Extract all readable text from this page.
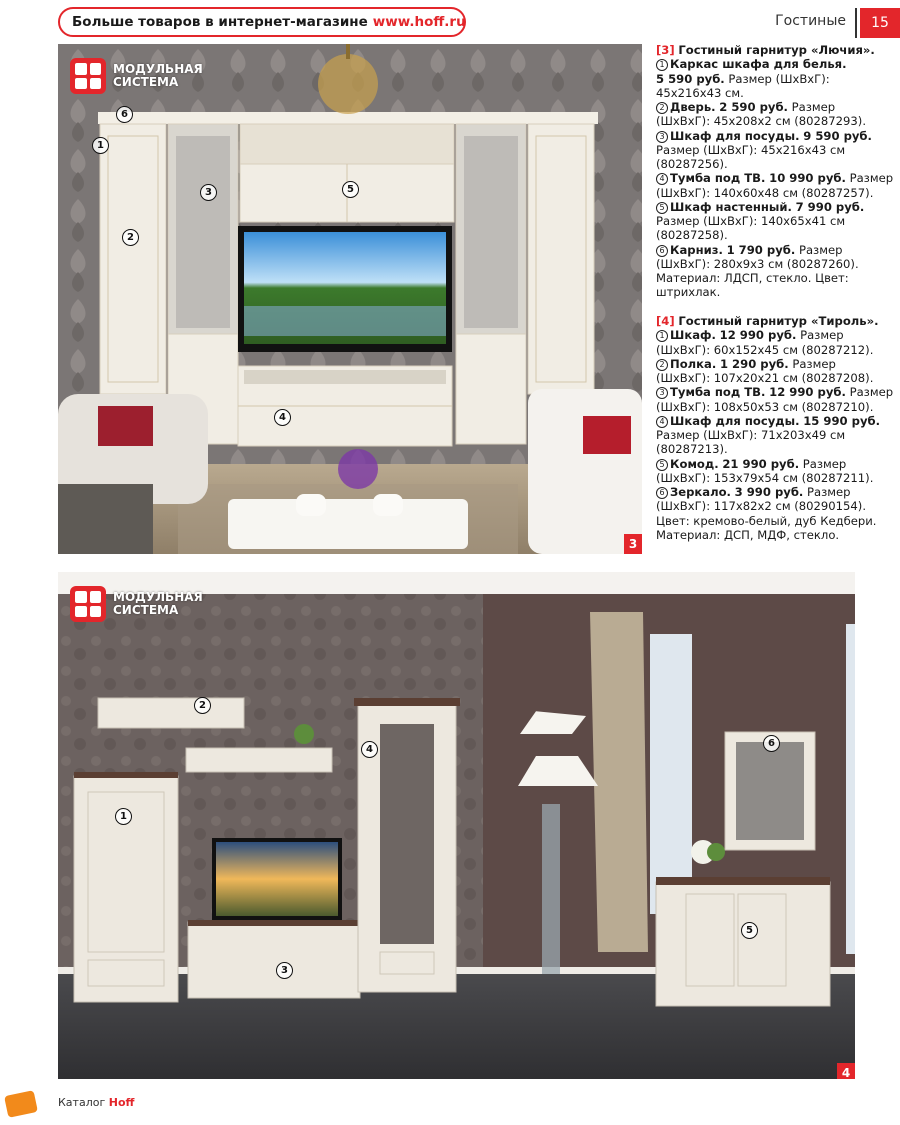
Больше товаров в интернет-магазине www.hoff.ru	Гостиные	15
МОДУЛЬНАЯ
СИСТЕМА
1
2
3
4
5
6
3
[3] Гостиный гарнитур «Лючия».
1 Каркас шкафа для белья.
5 590 руб. Размер (ШхВхГ):
45х216х43 см.
2 Дверь. 2 590 руб. Размер
(ШхВхГ): 45х208х2 см (80287293).
3 Шкаф для посуды. 9 590 руб.
Размер (ШхВхГ): 45х216х43 см
(80287256).
4 Тумба под ТВ. 10 990 руб. Размер
(ШхВхГ): 140х60х48 см (80287257).
5 Шкаф настенный. 7 990 руб.
Размер (ШхВхГ): 140х65х41 см
(80287258).
6 Карниз. 1 790 руб. Размер
(ШхВхГ): 280х9х3 см (80287260).
Материал: ЛДСП, стекло. Цвет:
штрихлак.
[4] Гостиный гарнитур «Тироль».
1 Шкаф. 12 990 руб. Размер
(ШхВхГ): 60х152х45 см (80287212).
2 Полка. 1 290 руб. Размер
(ШхВхГ): 107х20х21 см (80287208).
3 Тумба под ТВ. 12 990 руб. Размер
(ШхВхГ): 108х50х53 см (80287210).
4 Шкаф для посуды. 15 990 руб.
Размер (ШхВхГ): 71х203х49 см
(80287213).
5 Комод. 21 990 руб. Размер
(ШхВхГ): 153х79х54 см (80287211).
6 Зеркало. 3 990 руб. Размер
(ШхВхГ): 117х82х2 см (80290154).
Цвет: кремово-белый, дуб Кедбери.
Материал: ДСП, МДФ, стекло.
МОДУЛЬНАЯ
СИСТЕМА
1
2
3
4
5
6
4
Каталог Hoff
